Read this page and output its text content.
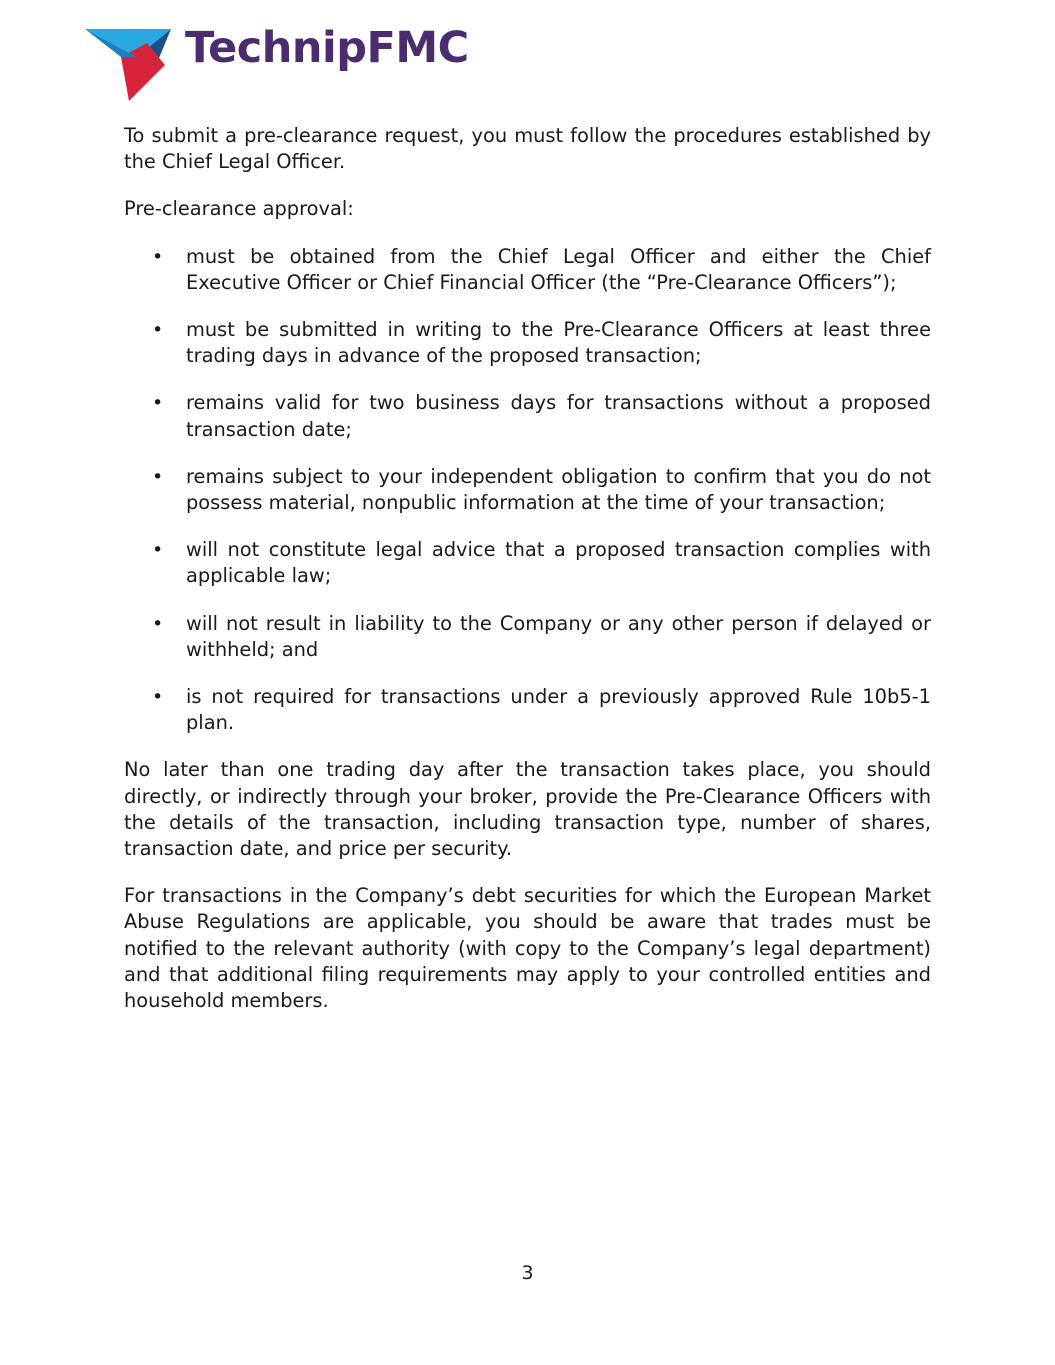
TechnipFMC

To submit a pre-clearance request, you must follow the procedures established by the Chief Legal Officer.

Pre-clearance approval:

• must be obtained from the Chief Legal Officer and either the Chief Executive Officer or Chief Financial Officer (the “Pre-Clearance Officers”);
• must be submitted in writing to the Pre-Clearance Officers at least three trading days in advance of the proposed transaction;
• remains valid for two business days for transactions without a proposed transaction date;
• remains subject to your independent obligation to confirm that you do not possess material, nonpublic information at the time of your transaction;
• will not constitute legal advice that a proposed transaction complies with applicable law;
• will not result in liability to the Company or any other person if delayed or withheld; and
• is not required for transactions under a previously approved Rule 10b5-1 plan.

No later than one trading day after the transaction takes place, you should directly, or indirectly through your broker, provide the Pre-Clearance Officers with the details of the transaction, including transaction type, number of shares, transaction date, and price per security.

For transactions in the Company’s debt securities for which the European Market Abuse Regulations are applicable, you should be aware that trades must be notified to the relevant authority (with copy to the Company’s legal department) and that additional filing requirements may apply to your controlled entities and household members.

3
